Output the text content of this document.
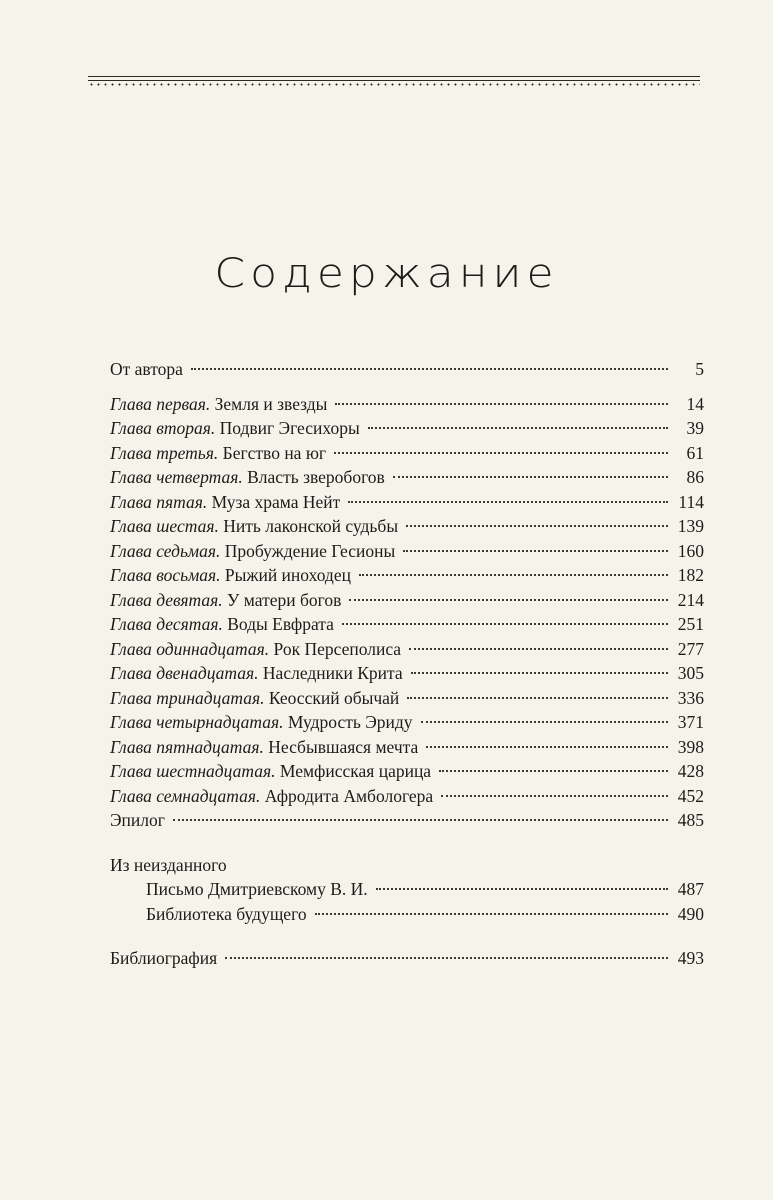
Содержание
От автора	5
Глава первая. Земля и звезды	14
Глава вторая. Подвиг Эгесихоры	39
Глава третья. Бегство на юг	61
Глава четвертая. Власть зверобогов	86
Глава пятая. Муза храма Нейт	114
Глава шестая. Нить лаконской судьбы	139
Глава седьмая. Пробуждение Гесионы	160
Глава восьмая. Рыжий иноходец	182
Глава девятая. У матери богов	214
Глава десятая. Воды Евфрата	251
Глава одиннадцатая. Рок Персеполиса	277
Глава двенадцатая. Наследники Крита	305
Глава тринадцатая. Кеосский обычай	336
Глава четырнадцатая. Мудрость Эриду	371
Глава пятнадцатая. Несбывшаяся мечта	398
Глава шестнадцатая. Мемфисская царица	428
Глава семнадцатая. Афродита Амбологера	452
Эпилог	485
Из неизданного
Письмо Дмитриевскому В. И.	487
Библиотека будущего	490
Библиография	493
